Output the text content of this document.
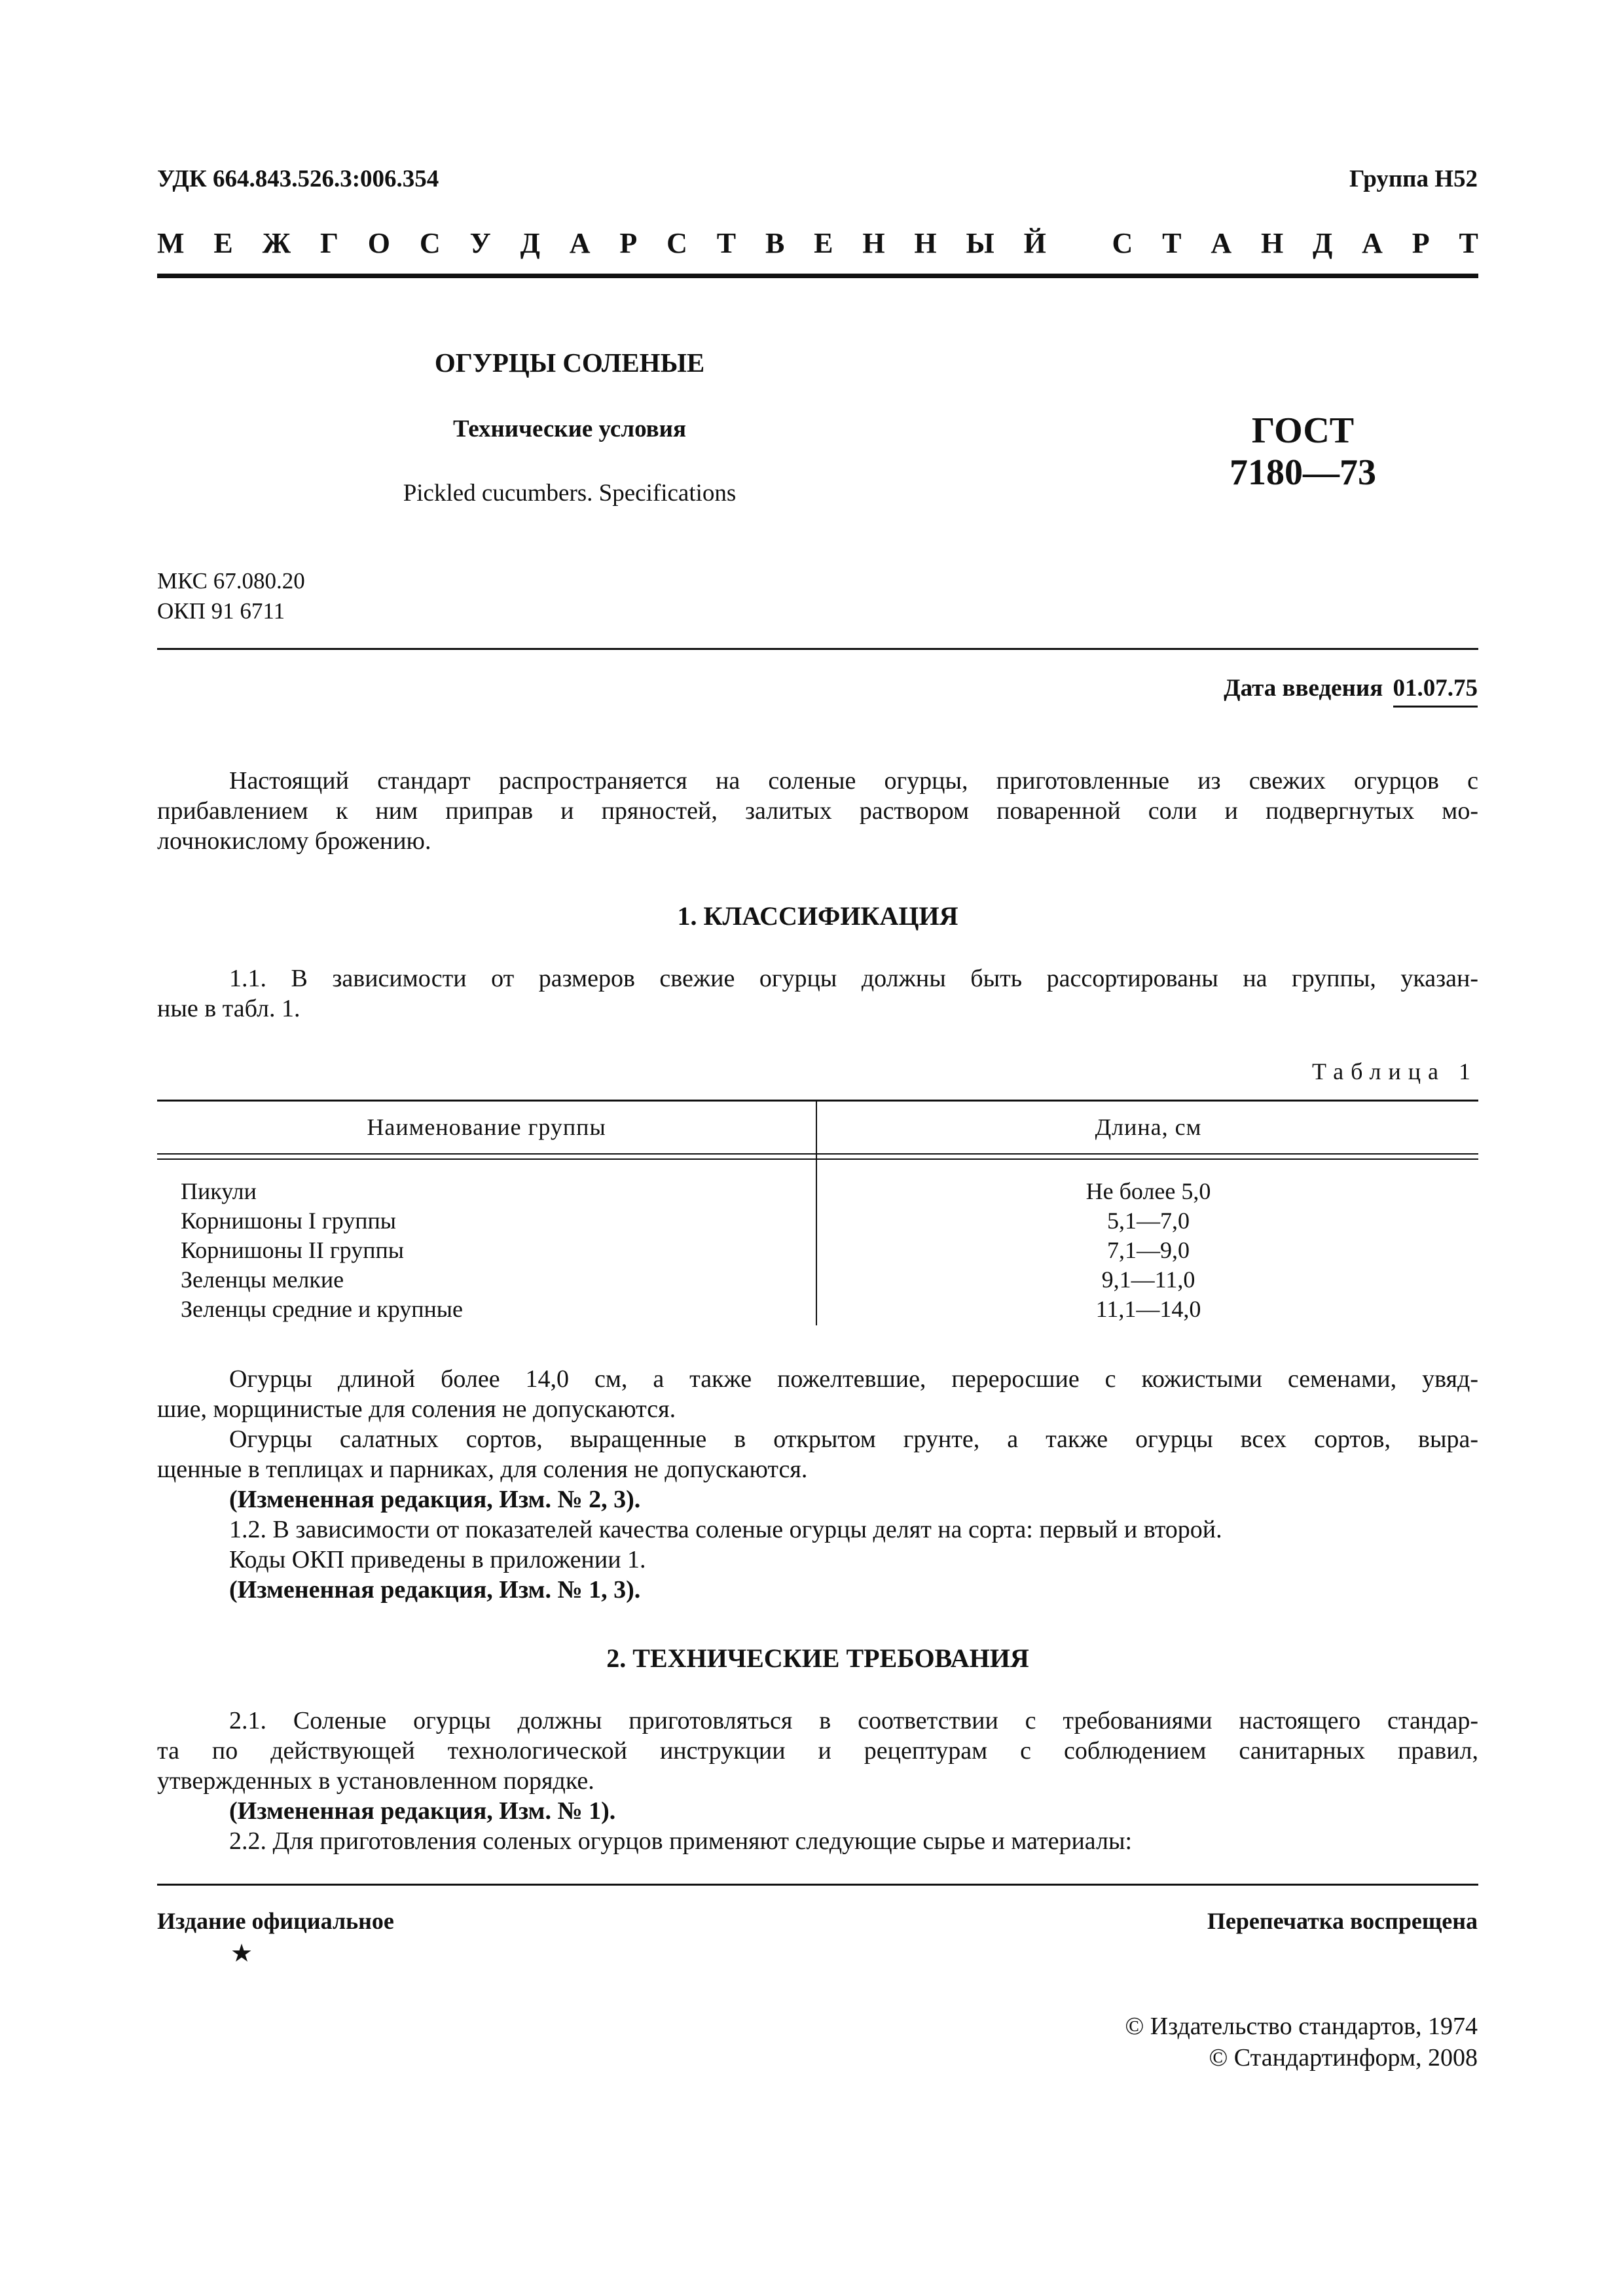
УДК 664.843.526.3:006.354	Группа Н52
М Е Ж Г О С У Д А Р С Т В Е Н Н Ы Й
С Т А Н Д А Р Т
ОГУРЦЫ СОЛЕНЫЕ
Технические условия
Pickled cucumbers. Specifications
ГОСТ
7180—73
МКС 67.080.20
ОКП 91 6711
Дата введения 01.07.75
Настоящий стандарт распространяется на соленые огурцы, приготовленные из свежих огурцов с
прибавлением к ним приправ и пряностей, залитых раствором поваренной соли и подвергнутых мо-
лочнокислому брожению.
1. КЛАССИФИКАЦИЯ
1.1. В зависимости от размеров свежие огурцы должны быть рассортированы на группы, указан-
ные в табл. 1.
Таблица 1
Наименование группы	Длина, см
Пикули	Не более 5,0
Корнишоны I группы	5,1—7,0
Корнишоны II группы	7,1—9,0
Зеленцы мелкие	9,1—11,0
Зеленцы средние и крупные	11,1—14,0
Огурцы длиной более 14,0 см, а также пожелтевшие, переросшие с кожистыми семенами, увяд-
шие, морщинистые для соления не допускаются.
Огурцы салатных сортов, выращенные в открытом грунте, а также огурцы всех сортов, выра-
щенные в теплицах и парниках, для соления не допускаются.
(Измененная редакция, Изм. № 2, 3).
1.2. В зависимости от показателей качества соленые огурцы делят на сорта: первый и второй.
Коды ОКП приведены в приложении 1.
(Измененная редакция, Изм. № 1, 3).
2. ТЕХНИЧЕСКИЕ ТРЕБОВАНИЯ
2.1. Соленые огурцы должны приготовляться в соответствии с требованиями настоящего стандар-
та по действующей технологической инструкции и рецептурам с соблюдением санитарных правил,
утвержденных в установленном порядке.
(Измененная редакция, Изм. № 1).
2.2. Для приготовления соленых огурцов применяют следующие сырье и материалы:
Издание официальное
★
Перепечатка воспрещена
© Издательство стандартов, 1974
© Стандартинформ, 2008
